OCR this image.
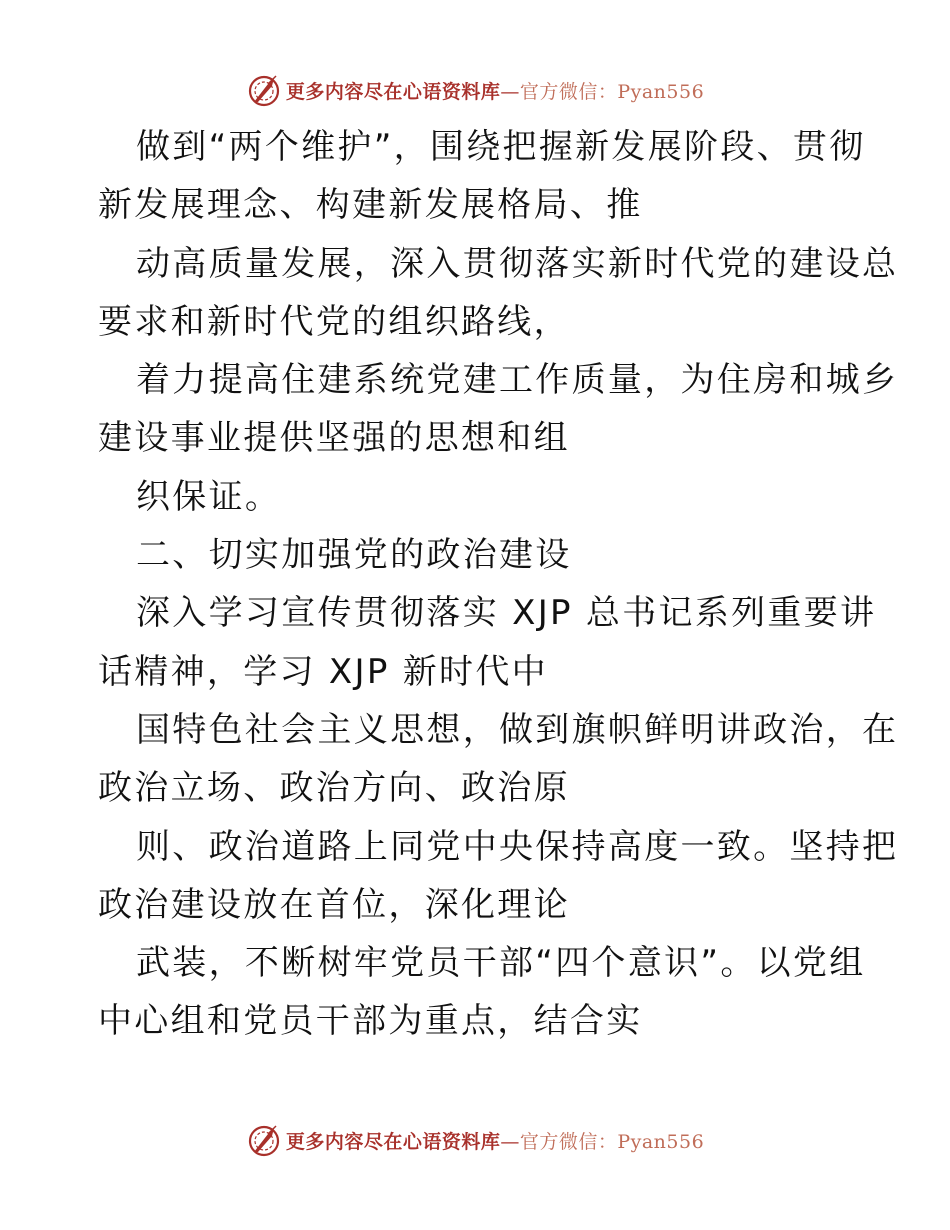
更多内容尽在心语资料库—官方微信：Pyan556
做到“两个维护”，围绕把握新发展阶段、贯彻
新发展理念、构建新发展格局、推
动高质量发展，深入贯彻落实新时代党的建设总
要求和新时代党的组织路线，
着力提高住建系统党建工作质量，为住房和城乡
建设事业提供坚强的思想和组
织保证。
二、切实加强党的政治建设
深入学习宣传贯彻落实 XJP 总书记系列重要讲
话精神，学习 XJP 新时代中
国特色社会主义思想，做到旗帜鲜明讲政治，在
政治立场、政治方向、政治原
则、政治道路上同党中央保持高度一致。坚持把
政治建设放在首位，深化理论
武装，不断树牢党员干部“四个意识”。以党组
中心组和党员干部为重点，结合实
更多内容尽在心语资料库—官方微信：Pyan556
